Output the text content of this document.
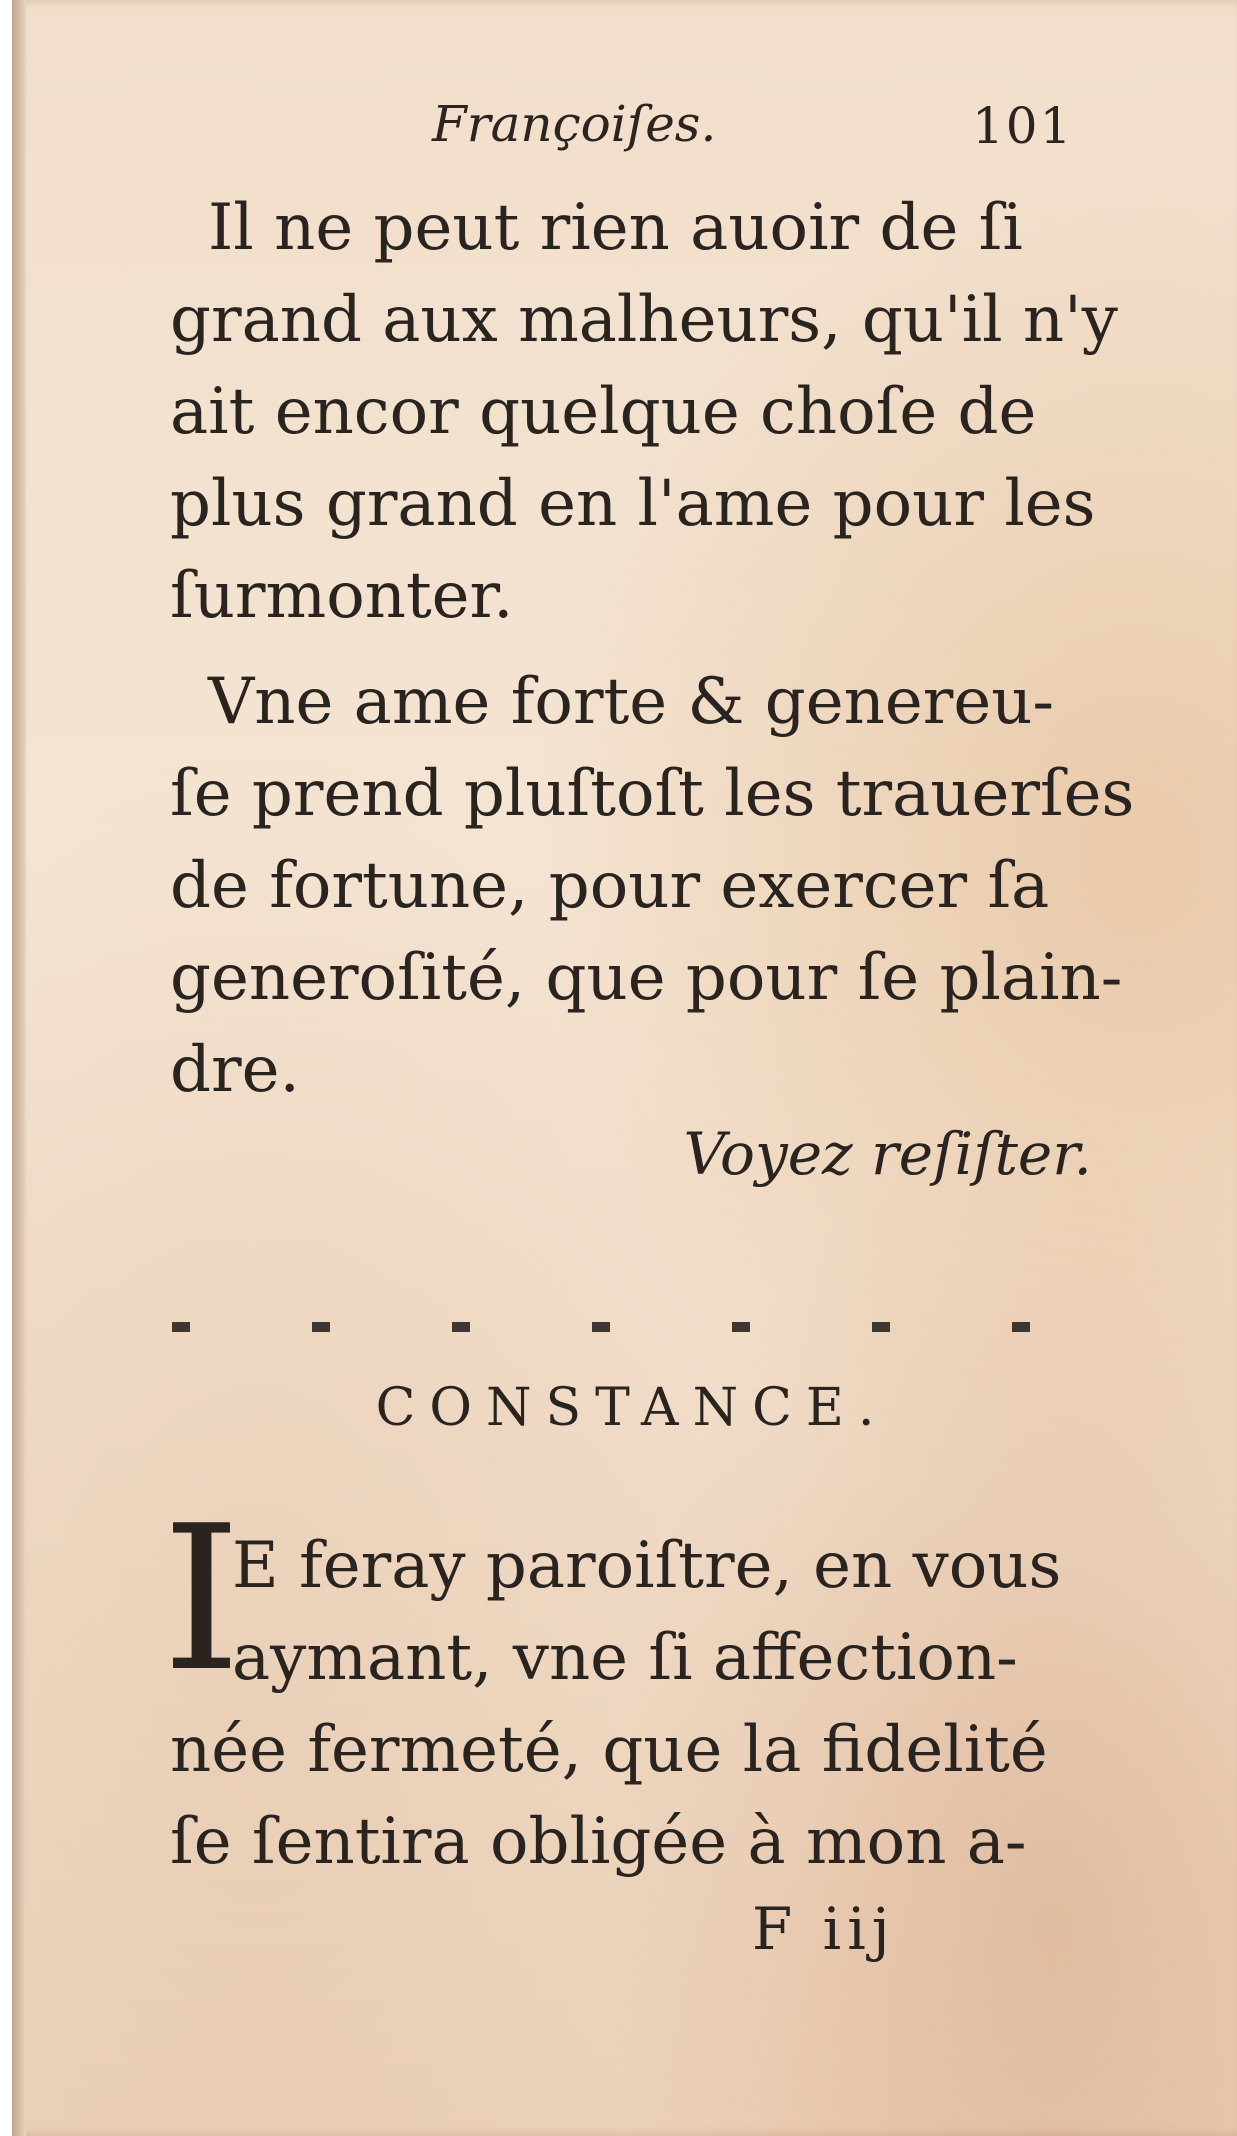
Françoiſes.	101
Il ne peut rien auoir de ſi
grand aux malheurs, qu'il n'y
ait encor quelque choſe de
plus grand en l'ame pour les
ſurmonter.
Vne ame forte & genereu-
ſe prend pluſtoſt les trauerſes
de fortune, pour exercer ſa
generoſité, que pour ſe plain-
dre.
Voyez reſiſter.
CONSTANCE.
I
E feray paroiſtre, en vous
aymant, vne ſi affection-
née fermeté, que la fidelité
ſe ſentira obligée à mon a-
F iij
